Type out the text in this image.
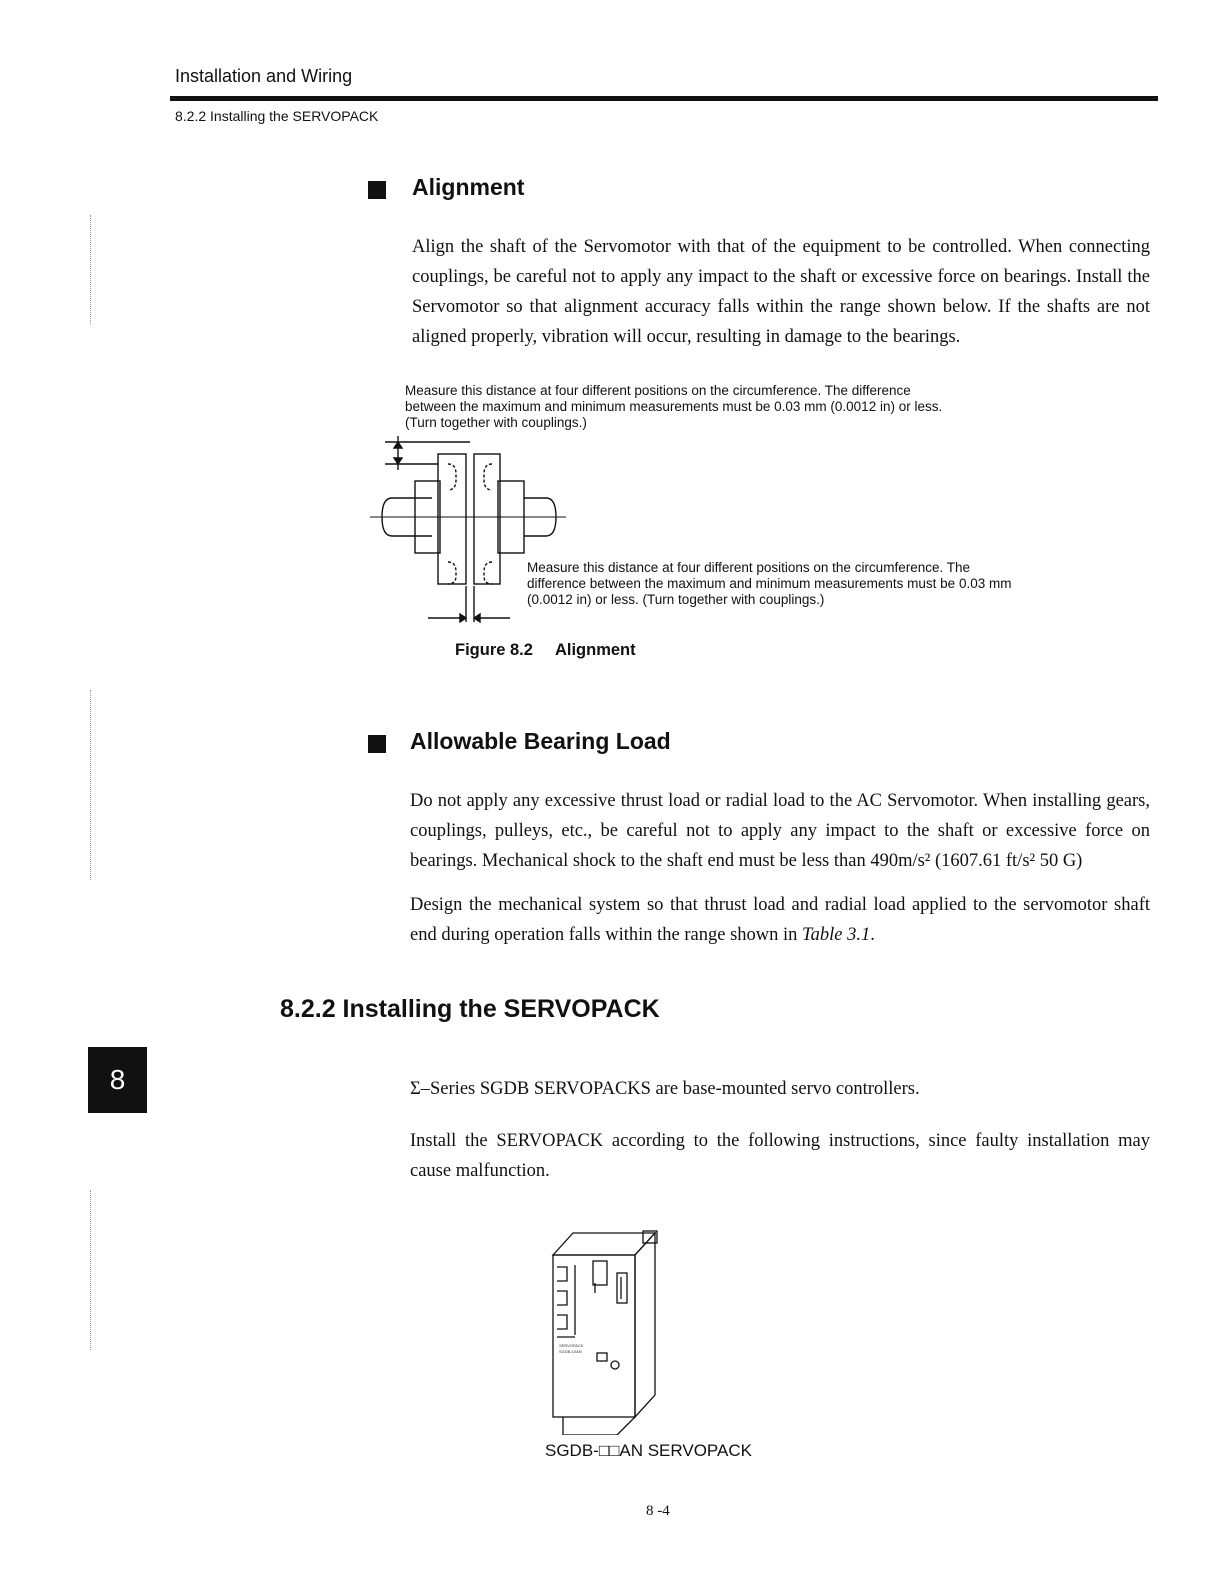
Installation and Wiring
8.2.2 Installing the SERVOPACK
Alignment
Align the shaft of the Servomotor with that of the equipment to be controlled. When connecting couplings, be careful not to apply any impact to the shaft or excessive force on bearings. Install the Servomotor so that alignment accuracy falls within the range shown below. If the shafts are not aligned properly, vibration will occur, resulting in damage to the bearings.
Measure this distance at four different positions on the circumference. The difference between the maximum and minimum measurements must be 0.03 mm (0.0012 in) or less. (Turn together with couplings.)
Measure this distance at four different positions on the circumference. The difference between the maximum and minimum measurements must be 0.03 mm (0.0012 in) or less. (Turn together with couplings.)
Figure 8.2 Alignment
Allowable Bearing Load
Do not apply any excessive thrust load or radial load to the AC Servomotor. When installing gears, couplings, pulleys, etc., be careful not to apply any impact to the shaft or excessive force on bearings. Mechanical shock to the shaft end must be less than 490m/s² (1607.61 ft/s² 50 G)
Design the mechanical system so that thrust load and radial load applied to the servomotor shaft end during operation falls within the range shown in Table 3.1.
8.2.2 Installing the SERVOPACK
Σ–Series SGDB SERVOPACKS are base-mounted servo controllers.
Install the SERVOPACK according to the following instructions, since faulty installation may cause malfunction.
8
SERVOPACK
SGDB-10AN
SGDB-□□AN SERVOPACK
8 -4
